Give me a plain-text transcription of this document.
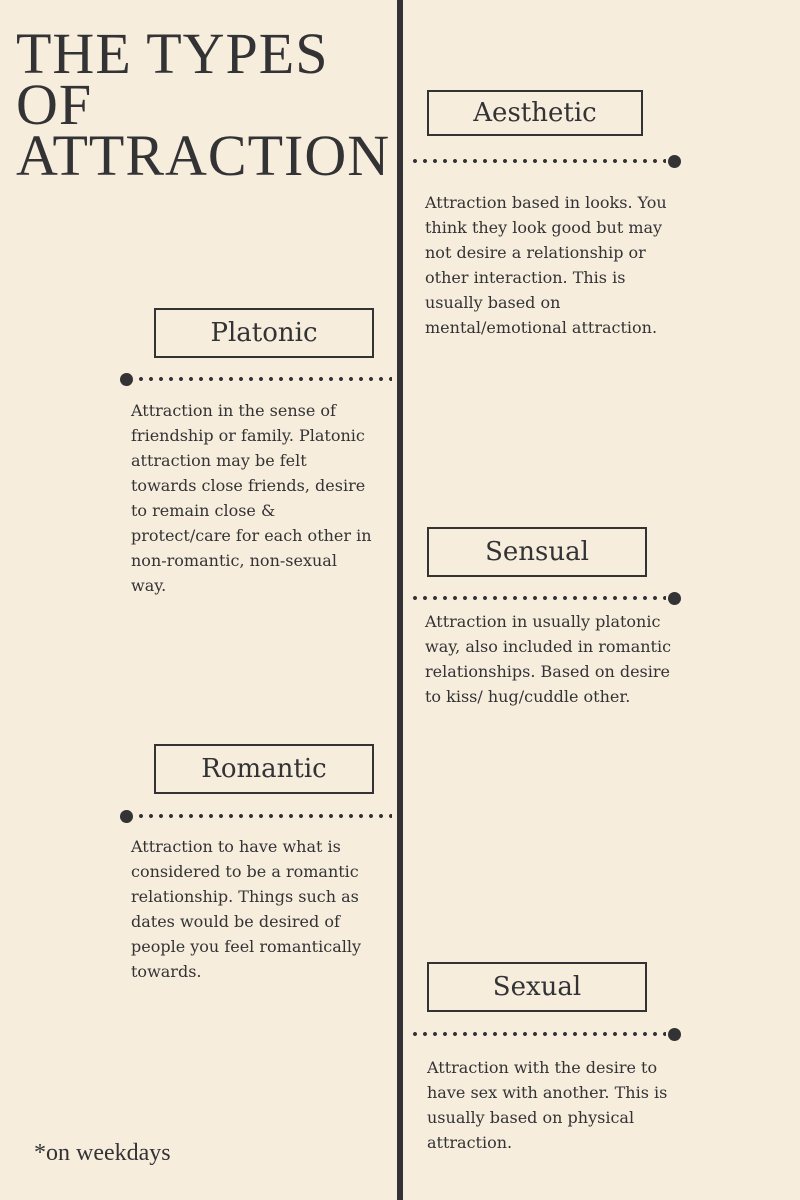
THE TYPES
OF
ATTRACTION
Aesthetic

Attraction based in looks. You think they look good but may not desire a relationship or other interaction. This is usually based on mental/emotional attraction.

Platonic

Attraction in the sense of friendship or family. Platonic attraction may be felt towards close friends, desire to remain close & protect/care for each other in non-romantic, non-sexual way.

Sensual

Attraction in usually platonic way, also included in romantic relationships. Based on desire to kiss/ hug/cuddle other.

Romantic

Attraction to have what is considered to be a romantic relationship. Things such as dates would be desired of people you feel romantically towards.

Sexual

Attraction with the desire to have sex with another. This is usually based on physical attraction.

*on weekdays
